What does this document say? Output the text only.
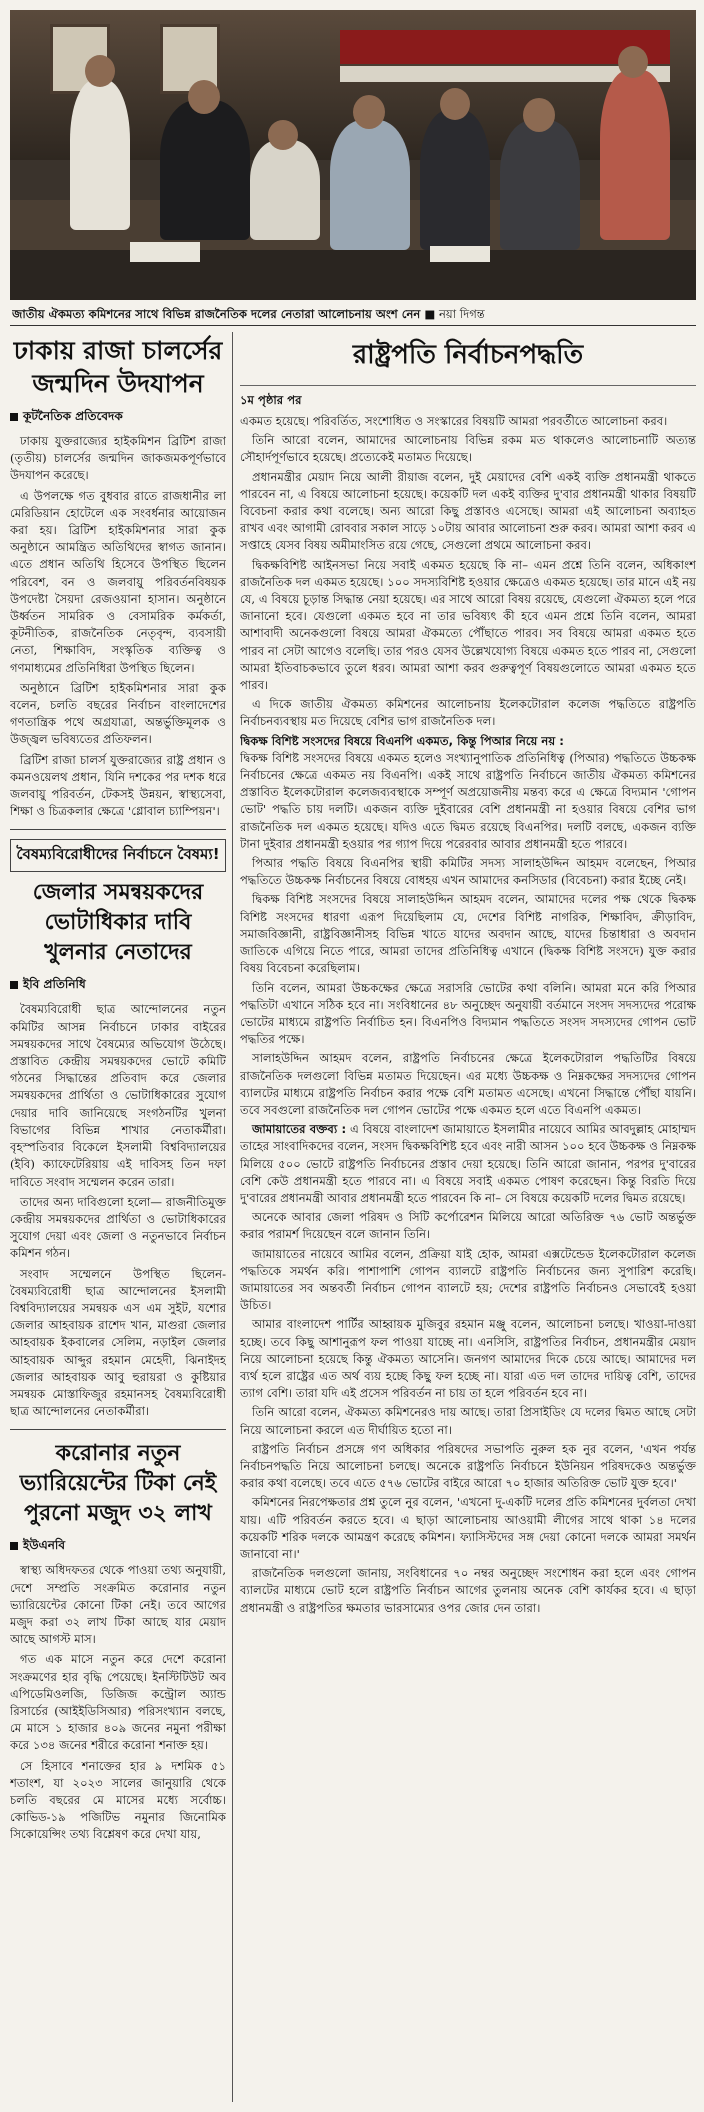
জাতীয় ঐকমত্য কমিশনের সাথে বিভিন্ন রাজনৈতিক দলের নেতারা আলোচনায় অংশ নেন ■ নয়া দিগন্ত
ঢাকায় রাজা চালর্সের জন্মদিন উদযাপন
কূটনৈতিক প্রতিবেদক

ঢাকায় যুক্তরাজ্যের হাইকমিশন ব্রিটিশ রাজা (তৃতীয়) চালর্সের জন্মদিন জাকজমকপূর্ণভাবে উদযাপন করেছে।

এ উপলক্ষে গত বুধবার রাতে রাজধানীর লা মেরিডিয়ান হোটেলে এক সংবর্ধনার আয়োজন করা হয়। ব্রিটিশ হাইকমিশনার সারা কুক অনুষ্ঠানে আমন্ত্রিত অতিথিদের স্বাগত জানান। এতে প্রধান অতিথি হিসেবে উপস্থিত ছিলেন পরিবেশ, বন ও জলবায়ু পরিবর্তনবিষয়ক উপদেষ্টা সৈয়দা রেজওয়ানা হাসান। অনুষ্ঠানে উর্ধ্বতন সামরিক ও বেসামরিক কর্মকর্তা, কূটনীতিক, রাজনৈতিক নেতৃবৃন্দ, ব্যবসায়ী নেতা, শিক্ষাবিদ, সংস্কৃতিক ব্যক্তিত্ব ও গণমাধ্যমের প্রতিনিধিরা উপস্থিত ছিলেন।

অনুষ্ঠানে ব্রিটিশ হাইকমিশনার সারা কুক বলেন, চলতি বছরের নির্বাচন বাংলাদেশের গণতান্ত্রিক পথে অগ্রযাত্রা, অন্তর্ভুক্তিমূলক ও উজ্জ্বল ভবিষ্যতের প্রতিফলন।

ব্রিটিশ রাজা চালর্স যুক্তরাজ্যের রাষ্ট্র প্রধান ও কমনওয়েলথ প্রধান, যিনি দশকের পর দশক ধরে জলবায়ু পরিবর্তন, টেকসই উন্নয়ন, স্বাস্থ্যসেবা, শিক্ষা ও চিত্রকলার ক্ষেত্রে 'গ্লোবাল চ্যাম্পিয়ন'।

বৈষম্যবিরোধীদের নির্বাচনে বৈষম্য!
জেলার সমন্বয়কদের ভোটাধিকার দাবি খুলনার নেতাদের
ইবি প্রতিনিধি

বৈষম্যবিরোধী ছাত্র আন্দোলনের নতুন কমিটির আসন্ন নির্বাচনে ঢাকার বাইরের সমন্বয়কদের সাথে বৈষম্যের অভিযোগ উঠেছে। প্রস্তাবিত কেন্দ্রীয় সমন্বয়কদের ভোটে কমিটি গঠনের সিদ্ধান্তের প্রতিবাদ করে জেলার সমন্বয়কদের প্রার্থিতা ও ভোটাধিকারের সুযোগ দেয়ার দাবি জানিয়েছে সংগঠনটির খুলনা বিভাগের বিভিন্ন শাখার নেতাকর্মীরা। বৃহস্পতিবার বিকেলে ইসলামী বিশ্ববিদ্যালয়ের (ইবি) ক্যাফেটেরিয়ায় এই দাবিসহ তিন দফা দাবিতে সংবাদ সম্মেলন করেন তারা।

তাদের অন্য দাবিগুলো হলো— রাজনীতিমুক্ত কেন্দ্রীয় সমন্বয়কদের প্রার্থিতা ও ভোটাধিকারের সুযোগ দেয়া এবং জেলা ও নতুনভাবে নির্বাচন কমিশন গঠন।

সংবাদ সম্মেলনে উপস্থিত ছিলেন- বৈষম্যবিরোধী ছাত্র আন্দোলনের ইসলামী বিশ্ববিদ্যালয়ের সমন্বয়ক এস এম সুইট, যশোর জেলার আহবায়ক রাশেদ খান, মাগুরা জেলার আহবায়ক ইকবালের সেলিম, নড়াইল জেলার আহবায়ক আব্দুর রহমান মেহেদী, ঝিনাইদহ জেলার আহবায়ক আবু হুরায়রা ও কুষ্টিয়ার সমন্বয়ক মোস্তাফিজুর রহমানসহ বৈষম্যবিরোধী ছাত্র আন্দোলনের নেতাকর্মীরা।

করোনার নতুন ভ্যারিয়েন্টের টিকা নেই পুরনো মজুদ ৩২ লাখ
ইউএনবি

স্বাস্থ্য অধিদফতর থেকে পাওয়া তথ্য অনুযায়ী, দেশে সম্প্রতি সংক্রমিত করোনার নতুন ভ্যারিয়েন্টের কোনো টিকা নেই। তবে আগের মজুদ করা ৩২ লাখ টিকা আছে যার মেয়াদ আছে আগস্ট মাস।

গত এক মাসে নতুন করে দেশে করোনা সংক্রমণের হার বৃদ্ধি পেয়েছে। ইনস্টিটিউট অব এপিডেমিওলজি, ডিজিজ কন্ট্রোল অ্যান্ড রিসার্চের (আইইডিসিআর) পরিসংখ্যান বলছে, মে মাসে ১ হাজার ৪০৯ জনের নমুনা পরীক্ষা করে ১৩৪ জনের শরীরে করোনা শনাক্ত হয়।

সে হিসাবে শনাক্তের হার ৯ দশমিক ৫১ শতাংশ, যা ২০২৩ সালের জানুয়ারি থেকে চলতি বছরের মে মাসের মধ্যে সর্বোচ্চ। কোভিড-১৯ পজিটিভ নমুনার জিনোমিক সিকোয়েন্সিং তথ্য বিশ্লেষণ করে দেখা যায়,

রাষ্ট্রপতি নির্বাচনপদ্ধতি
১ম পৃষ্ঠার পর

একমত হয়েছে। পরিবর্তিত, সংশোধিত ও সংস্কারের বিষয়টি আমরা পরবর্তীতে আলোচনা করব।

তিনি আরো বলেন, আমাদের আলোচনায় বিভিন্ন রকম মত থাকলেও আলোচনাটি অত্যন্ত সৌহার্দপূর্ণভাবে হয়েছে। প্রত্যেকেই মতামত দিয়েছে।

প্রধানমন্ত্রীর মেয়াদ নিয়ে আলী রীয়াজ বলেন, দুই মেয়াদের বেশি একই ব্যক্তি প্রধানমন্ত্রী থাকতে পারবেন না, এ বিষয়ে আলোচনা হয়েছে। কয়েকটি দল একই ব্যক্তির দু'বার প্রধানমন্ত্রী থাকার বিষয়টি বিবেচনা করার কথা বলেছে। অন্য আরো কিছু প্রস্তাবও এসেছে। আমরা এই আলোচনা অব্যাহত রাখব এবং আগামী রোববার সকাল সাড়ে ১০টায় আবার আলোচনা শুরু করব। আমরা আশা করব এ সপ্তাহে যেসব বিষয় অমীমাংসিত রয়ে গেছে, সেগুলো প্রথমে আলোচনা করব।

দ্বিকক্ষবিশিষ্ট আইনসভা নিয়ে সবাই একমত হয়েছে কি না– এমন প্রশ্নে তিনি বলেন, অধিকাংশ রাজনৈতিক দল একমত হয়েছে। ১০০ সদস্যবিশিষ্ট হওয়ার ক্ষেত্রেও একমত হয়েছে। তার মানে এই নয় যে, এ বিষয়ে চূড়ান্ত সিদ্ধান্ত নেয়া হয়েছে। এর সাথে আরো বিষয় রয়েছে, যেগুলো ঐকমত্য হলে পরে জানানো হবে। যেগুলো একমত হবে না তার ভবিষ্যৎ কী হবে এমন প্রশ্নে তিনি বলেন, আমরা আশাবাদী অনেকগুলো বিষয়ে আমরা ঐকমত্যে পৌঁছাতে পারব। সব বিষয়ে আমরা একমত হতে পারব না সেটা আগেও বলেছি। তার পরও যেসব উল্লেখযোগ্য বিষয়ে একমত হতে পারব না, সেগুলো আমরা ইতিবাচকভাবে তুলে ধরব। আমরা আশা করব গুরুত্বপূর্ণ বিষয়গুলোতে আমরা একমত হতে পারব।

এ দিকে জাতীয় ঐকমত্য কমিশনের আলোচনায় ইলেকটোরাল কলেজ পদ্ধতিতে রাষ্ট্রপতি নির্বাচনব্যবস্থায় মত দিয়েছে বেশির ভাগ রাজনৈতিক দল।

দ্বিকক্ষ বিশিষ্ট সংসদের বিষয়ে বিএনপি একমত, কিন্তু পিআর নিয়ে নয় :

দ্বিকক্ষ বিশিষ্ট সংসদের বিষয়ে একমত হলেও সংখ্যানুপাতিক প্রতিনিধিত্ব (পিআর) পদ্ধতিতে উচ্চকক্ষ নির্বাচনের ক্ষেত্রে একমত নয় বিএনপি। একই সাথে রাষ্ট্রপতি নির্বাচনে জাতীয় ঐকমত্য কমিশনের প্রস্তাবিত ইলেকটোরাল কলেজব্যবস্থাকে সম্পূর্ণ অপ্রয়োজনীয় মন্তব্য করে এ ক্ষেত্রে বিদ্যমান 'গোপন ভোট' পদ্ধতি চায় দলটি। একজন ব্যক্তি দুইবারের বেশি প্রধানমন্ত্রী না হওয়ার বিষয়ে বেশির ভাগ রাজনৈতিক দল একমত হয়েছে। যদিও এতে দ্বিমত রয়েছে বিএনপির। দলটি বলছে, একজন ব্যক্তি টানা দুইবার প্রধানমন্ত্রী হওয়ার পর গ্যাপ দিয়ে পরেরবার আবার প্রধানমন্ত্রী হতে পারবে।

পিআর পদ্ধতি বিষয়ে বিএনপির স্থায়ী কমিটির সদস্য সালাহউদ্দিন আহমদ বলেছেন, পিআর পদ্ধতিতে উচ্চকক্ষ নির্বাচনের বিষয়ে বোধহয় এখন আমাদের কনসিডার (বিবেচনা) করার ইচ্ছে নেই।

দ্বিকক্ষ বিশিষ্ট সংসদের বিষয়ে সালাহউদ্দিন আহমদ বলেন, আমাদের দলের পক্ষ থেকে দ্বিকক্ষ বিশিষ্ট সংসদের ধারণা এরূপ দিয়েছিলাম যে, দেশের বিশিষ্ট নাগরিক, শিক্ষাবিদ, ক্রীড়াবিদ, সমাজবিজ্ঞানী, রাষ্ট্রবিজ্ঞানীসহ বিভিন্ন খাতে যাদের অবদান আছে, যাদের চিন্তাধারা ও অবদান জাতিকে এগিয়ে নিতে পারে, আমরা তাদের প্রতিনিধিত্ব এখানে (দ্বিকক্ষ বিশিষ্ট সংসদে) যুক্ত করার বিষয় বিবেচনা করেছিলাম।

তিনি বলেন, আমরা উচ্চকক্ষের ক্ষেত্রে সরাসরি ভোটের কথা বলিনি। আমরা মনে করি পিআর পদ্ধতিটা এখানে সঠিক হবে না। সংবিধানের ৪৮ অনুচ্ছেদ অনুযায়ী বর্তমানে সংসদ সদস্যদের পরোক্ষ ভোটের মাধ্যমে রাষ্ট্রপতি নির্বাচিত হন। বিএনপিও বিদ্যমান পদ্ধতিতে সংসদ সদস্যদের গোপন ভোট পদ্ধতির পক্ষে।

সালাহউদ্দিন আহমদ বলেন, রাষ্ট্রপতি নির্বাচনের ক্ষেত্রে ইলেকটোরাল পদ্ধতিটির বিষয়ে রাজনৈতিক দলগুলো বিভিন্ন মতামত দিয়েছেন। এর মধ্যে উচ্চকক্ষ ও নিম্নকক্ষের সদস্যদের গোপন ব্যালটের মাধ্যমে রাষ্ট্রপতি নির্বাচন করার পক্ষে বেশি মতামত এসেছে। এখনো সিদ্ধান্তে পৌঁছা যায়নি। তবে সবগুলো রাজনৈতিক দল গোপন ভোটের পক্ষে একমত হলে এতে বিএনপি একমত।

জামায়াতের বক্তব্য : এ বিষয়ে বাংলাদেশ জামায়াতে ইসলামীর নায়েবে আমির আবদুল্লাহ মোহাম্মদ তাহের সাংবাদিকদের বলেন, সংসদ দ্বিকক্ষবিশিষ্ট হবে এবং নারী আসন ১০০ হবে উচ্চকক্ষ ও নিম্নকক্ষ মিলিয়ে ৫০০ ভোটে রাষ্ট্রপতি নির্বাচনের প্রস্তাব দেয়া হয়েছে। তিনি আরো জানান, পরপর দু'বারের বেশি কেউ প্রধানমন্ত্রী হতে পারবে না। এ বিষয়ে সবাই একমত পোষণ করেছেন। কিন্তু বিরতি দিয়ে দু'বারের প্রধানমন্ত্রী আবার প্রধানমন্ত্রী হতে পারবেন কি না– সে বিষয়ে কয়েকটি দলের দ্বিমত রয়েছে।

অনেকে আবার জেলা পরিষদ ও সিটি কর্পোরেশন মিলিয়ে আরো অতিরিক্ত ৭৬ ভোট অন্তর্ভুক্ত করার পরামর্শ দিয়েছেন বলে জানান তিনি।

জামায়াতের নায়েবে আমির বলেন, প্রক্রিয়া যাই হোক, আমরা এক্সটেন্ডেড ইলেকটোরাল কলেজ পদ্ধতিকে সমর্থন করি। পাশাপাশি গোপন ব্যালটে রাষ্ট্রপতি নির্বাচনের জন্য সুপারিশ করেছি। জামায়াতের সব অন্তবর্তী নির্বাচন গোপন ব্যালটে হয়; দেশের রাষ্ট্রপতি নির্বাচনও সেভাবেই হওয়া উচিত।

আমার বাংলাদেশ পার্টির আহ্বায়ক মুজিবুর রহমান মঞ্জু বলেন, আলোচনা চলছে। খাওয়া-দাওয়া হচ্ছে। তবে কিছু আশানুরূপ ফল পাওয়া যাচ্ছে না। এনসিসি, রাষ্ট্রপতির নির্বাচন, প্রধানমন্ত্রীর মেয়াদ নিয়ে আলোচনা হয়েছে কিন্তু ঐকমত্য আসেনি। জনগণ আমাদের দিকে চেয়ে আছে। আমাদের দল ব্যর্থ হলে রাষ্ট্রের এত অর্থ ব্যয় হচ্ছে কিছু ফল হচ্ছে না। যারা এত দল তাদের দায়িত্ব বেশি, তাদের ত্যাগ বেশি। তারা যদি এই প্রসেস পরিবর্তন না চায় তা হলে পরিবর্তন হবে না।

তিনি আরো বলেন, ঐকমত্য কমিশনেরও দায় আছে। তারা প্রিসাইডিং যে দলের দ্বিমত আছে সেটা নিয়ে আলোচনা করলে এত দীর্ঘায়িত হতো না।

রাষ্ট্রপতি নির্বাচন প্রসঙ্গে গণ অধিকার পরিষদের সভাপতি নুরুল হক নুর বলেন, 'এখন পর্যন্ত নির্বাচনপদ্ধতি নিয়ে আলোচনা চলছে। অনেকে রাষ্ট্রপতি নির্বাচনে ইউনিয়ন পরিষদকেও অন্তর্ভুক্ত করার কথা বলেছে। তবে এতে ৫৭৬ ভোটের বাইরে আরো ৭০ হাজার অতিরিক্ত ভোট যুক্ত হবে।'

কমিশনের নিরপেক্ষতার প্রশ্ন তুলে নুর বলেন, 'এখনো দু-একটি দলের প্রতি কমিশনের দুর্বলতা দেখা যায়। এটি পরিবর্তন করতে হবে। এ ছাড়া আলোচনায় আওয়ামী লীগের সাথে থাকা ১৪ দলের কয়েকটি শরিক দলকে আমন্ত্রণ করেছে কমিশন। ফ্যাসিস্টদের সঙ্গ দেয়া কোনো দলকে আমরা সমর্থন জানাবো না।'

রাজনৈতিক দলগুলো জানায়, সংবিধানের ৭০ নম্বর অনুচ্ছেদ সংশোধন করা হলে এবং গোপন ব্যালটের মাধ্যমে ভোট হলে রাষ্ট্রপতি নির্বাচন আগের তুলনায় অনেক বেশি কার্যকর হবে। এ ছাড়া প্রধানমন্ত্রী ও রাষ্ট্রপতির ক্ষমতার ভারসাম্যের ওপর জোর দেন তারা।
